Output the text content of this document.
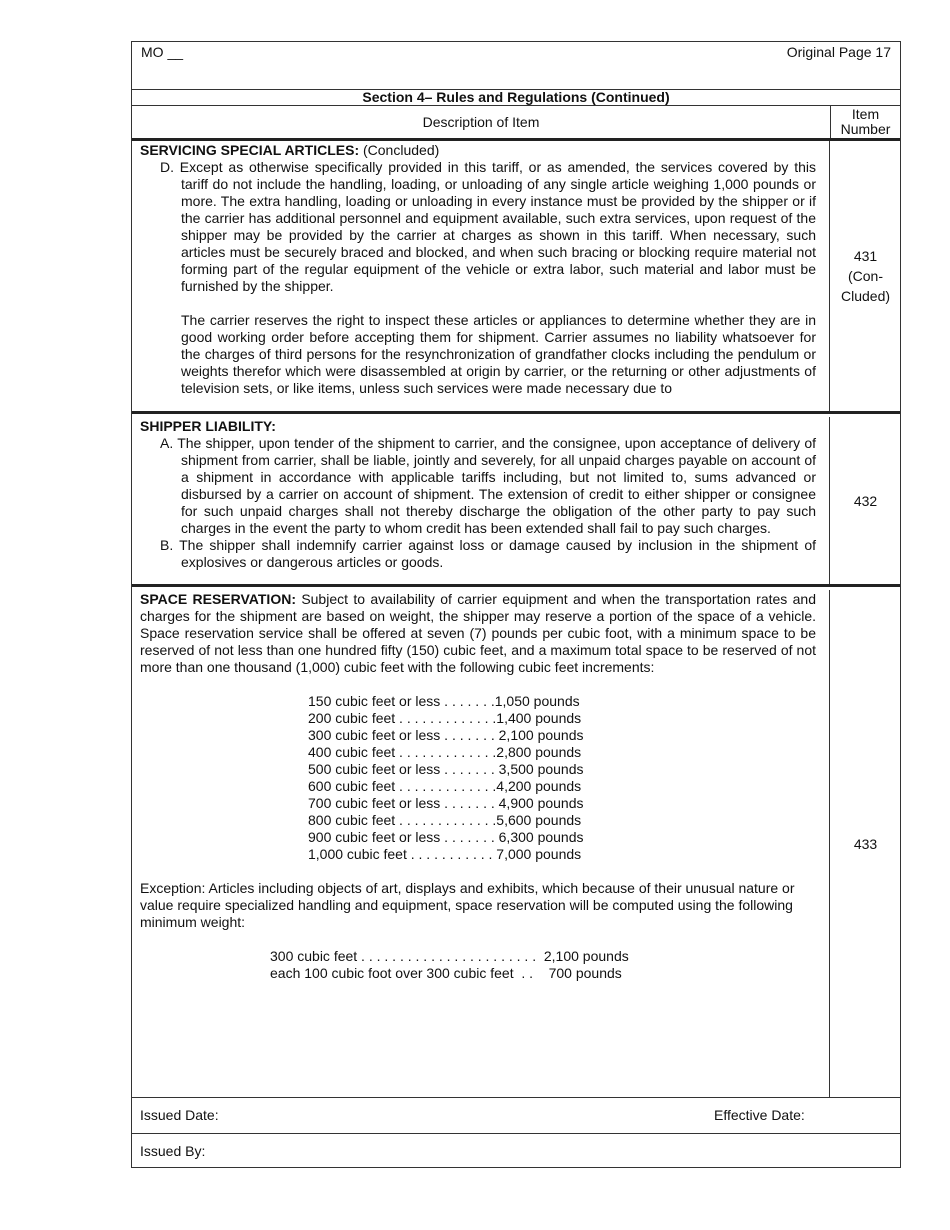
MO __	Original Page 17
Section 4– Rules and Regulations (Continued)
Description of Item	Item
Number

SERVICING SPECIAL ARTICLES: (Concluded)

D. Except as otherwise specifically provided in this tariff, or as amended, the services covered by this tariff do not include the handling, loading, or unloading of any single article weighing 1,000 pounds or more. The extra handling, loading or unloading in every instance must be provided by the shipper or if the carrier has additional personnel and equipment available, such extra services, upon request of the shipper may be provided by the carrier at charges as shown in this tariff. When necessary, such articles must be securely braced and blocked, and when such bracing or blocking require material not forming part of the regular equipment of the vehicle or extra labor, such material and labor must be furnished by the shipper.

The carrier reserves the right to inspect these articles or appliances to determine whether they are in good working order before accepting them for shipment. Carrier assumes no liability whatsoever for the charges of third persons for the resynchronization of grandfather clocks including the pendulum or weights therefor which were disassembled at origin by carrier, or the returning or other adjustments of television sets, or like items, unless such services were made necessary due to

431
(Con-
Cluded)

SHIPPER LIABILITY:

A. The shipper, upon tender of the shipment to carrier, and the consignee, upon acceptance of delivery of shipment from carrier, shall be liable, jointly and severely, for all unpaid charges payable on account of a shipment in accordance with applicable tariffs including, but not limited to, sums advanced or disbursed by a carrier on account of shipment. The extension of credit to either shipper or consignee for such unpaid charges shall not thereby discharge the obligation of the other party to pay such charges in the event the party to whom credit has been extended shall fail to pay such charges.

B. The shipper shall indemnify carrier against loss or damage caused by inclusion in the shipment of explosives or dangerous articles or goods.

432

SPACE RESERVATION: Subject to availability of carrier equipment and when the transportation rates and charges for the shipment are based on weight, the shipper may reserve a portion of the space of a vehicle. Space reservation service shall be offered at seven (7) pounds per cubic foot, with a minimum space to be reserved of not less than one hundred fifty (150) cubic feet, and a maximum total space to be reserved of not more than one thousand (1,000) cubic feet with the following cubic feet increments:

150 cubic feet or less . . . . . . .1,050 pounds
200 cubic feet . . . . . . . . . . . . .1,400 pounds
300 cubic feet or less . . . . . . . 2,100 pounds
400 cubic feet . . . . . . . . . . . . .2,800 pounds
500 cubic feet or less . . . . . . . 3,500 pounds
600 cubic feet . . . . . . . . . . . . .4,200 pounds
700 cubic feet or less . . . . . . . 4,900 pounds
800 cubic feet . . . . . . . . . . . . .5,600 pounds
900 cubic feet or less . . . . . . . 6,300 pounds
1,000 cubic feet . . . . . . . . . . . 7,000 pounds

Exception: Articles including objects of art, displays and exhibits, which because of their unusual nature or value require specialized handling and equipment, space reservation will be computed using the following minimum weight:

300 cubic feet . . . . . . . . . . . . . . . . . . . . . . .  2,100 pounds
each 100 cubic foot over 300 cubic feet  . .    700 pounds
433
Issued Date:	Effective Date:
Issued By:
